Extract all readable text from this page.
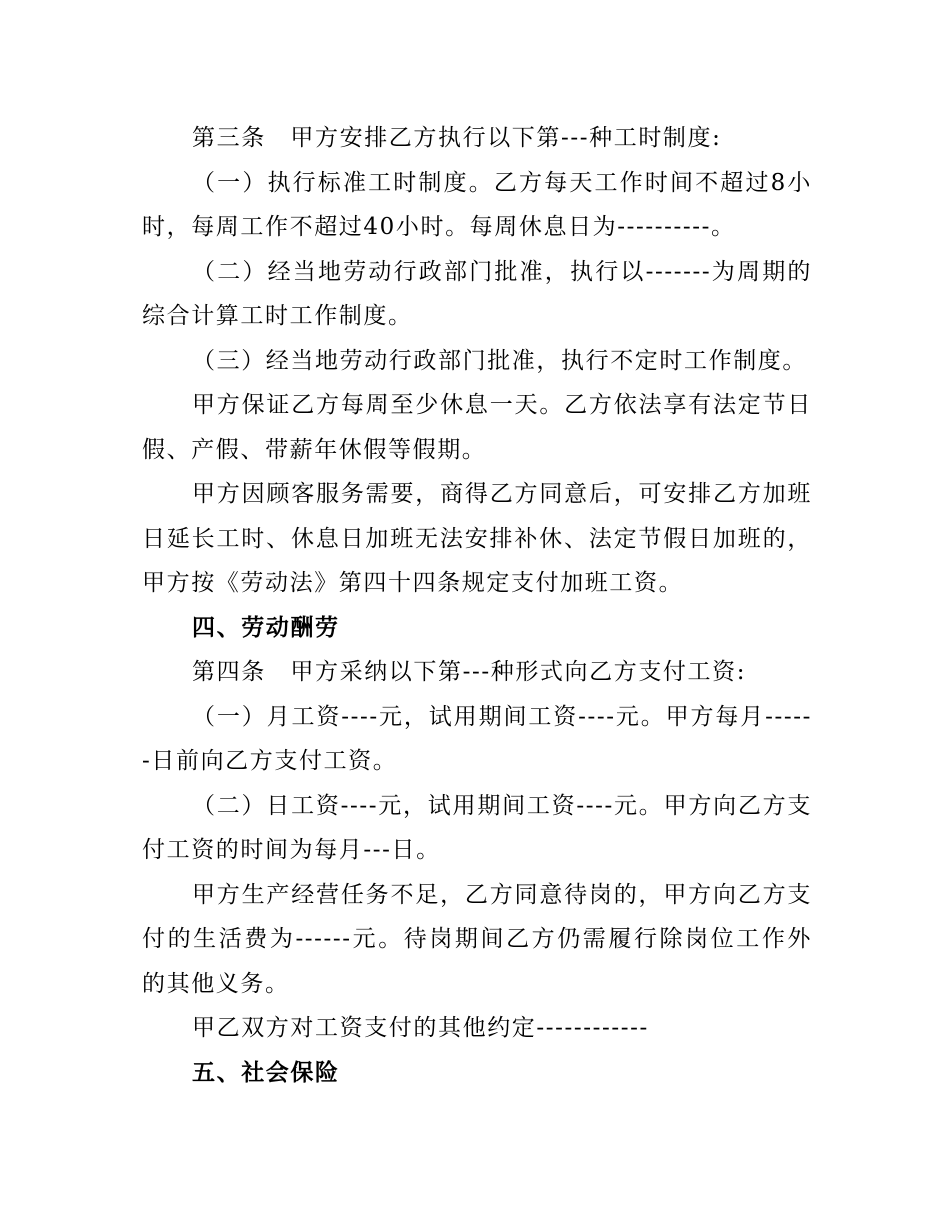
第三条　甲方安排乙方执行以下第---种工时制度:

（一）执行标准工时制度。乙方每天工作时间不超过8小时，每周工作不超过40小时。每周休息日为----------。

（二）经当地劳动行政部门批准，执行以-------为周期的综合计算工时工作制度。

（三）经当地劳动行政部门批准，执行不定时工作制度。

甲方保证乙方每周至少休息一天。乙方依法享有法定节日假、产假、带薪年休假等假期。

甲方因顾客服务需要，商得乙方同意后，可安排乙方加班日延长工时、休息日加班无法安排补休、法定节假日加班的，甲方按《劳动法》第四十四条规定支付加班工资。

四、劳动酬劳

第四条　甲方采纳以下第---种形式向乙方支付工资:

（一）月工资----元，试用期间工资----元。甲方每月------日前向乙方支付工资。

（二）日工资----元，试用期间工资----元。甲方向乙方支付工资的时间为每月---日。

甲方生产经营任务不足，乙方同意待岗的，甲方向乙方支付的生活费为------元。待岗期间乙方仍需履行除岗位工作外的其他义务。

甲乙双方对工资支付的其他约定------------

五、社会保险
